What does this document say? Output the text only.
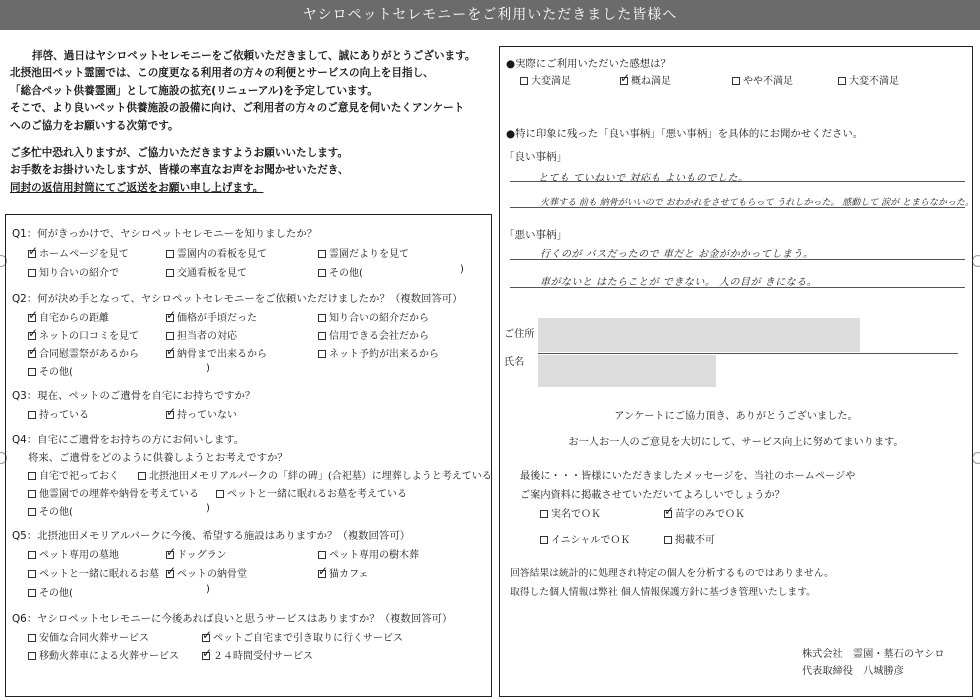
ヤシロペットセレモニーをご利用いただきました皆様へ

拝啓、過日はヤシロペットセレモニーをご依頼いただきまして、誠にありがとうございます。
北摂池田ペット霊園では、この度更なる利用者の方々の利便とサービスの向上を目指し、
「総合ペット供養霊園」として施設の拡充(リニューアル)を予定しています。
そこで、より良いペット供養施設の設備に向け、ご利用者の方々のご意見を伺いたくアンケート
へのご協力をお願いする次第です。

ご多忙中恐れ入りますが、ご協力いただきますようお願いいたします。
お手数をお掛けいたしますが、皆様の率直なお声をお聞かせいただき、
同封の返信用封筒にてご返送をお願い申し上げます。

Q1：何がきっかけで、ヤシロペットセレモニーを知りましたか？
✓ホームページを見て	霊園内の看板を見て	霊園だよりを見て
知り合いの紹介で	交通看板を見て	その他(	)
Q2：何が決め手となって、ヤシロペットセレモニーをご依頼いただけましたか？（複数回答可）
✓自宅からの距離 ✓	価格が手頃だった	知り合いの紹介だから
✓ネットの口コミを見て	担当者の対応	信用できる会社だから
✓合同慰霊祭があるから ✓	納骨まで出来るから	ネット予約が出来るから
その他(	)
Q3：現在、ペットのご遺骨を自宅にお持ちですか？
持っている ✓	持っていない
Q4：自宅にご遺骨をお持ちの方にお伺いします。
将来、ご遺骨をどのように供養しようとお考えですか？
自宅で祀っておく	北摂池田メモリアルパークの「絆の碑」(合祀墓）に埋葬しようと考えている
他霊園での埋葬や納骨を考えている	ペットと一緒に眠れるお墓を考えている
その他(	)
Q5：北摂池田メモリアルパークに今後、希望する施設はありますか？（複数回答可）
ペット専用の墓地 ✓	ドッグラン	ペット専用の樹木葬
ペットと一緒に眠れるお墓 ✓	ペットの納骨堂 ✓	猫カフェ
その他(	)
Q6：ヤシロペットセレモニーに今後あれば良いと思うサービスはありますか？（複数回答可）
安価な合同火葬サービス ✓	ペットご自宅まで引き取りに行くサービス
移動火葬車による火葬サービス ✓	２４時間受付サービス
●実際にご利用いただいた感想は？
大変満足 ✓	概ね満足	やや不満足	大変不満足
●特に印象に残った「良い事柄」「悪い事柄」を具体的にお聞かせください。
「良い事柄」
とても ていねいで 対応も よいものでした。
火葬する 前も 納骨がいいので おわかれをさせてもらって うれしかった。 感動して 涙が とまらなかった。
「悪い事柄」
行くのが バスだったので 車だと お金がかかってしまう。
車がないと はたらことが できない。 人の目が きになる。
ご住所
氏名
アンケートにご協力頂き、ありがとうございました。
お一人お一人のご意見を大切にして、サービス向上に努めてまいります。
最後に・・・皆様にいただきましたメッセージを、当社のホームページや
ご案内資料に掲載させていただいてよろしいでしょうか？
実名でＯＫ ✓	苗字のみでＯＫ
イニシャルでＯＫ	掲載不可
回答結果は統計的に処理され特定の個人を分析するものではありません。
取得した個人情報は弊社 個人情報保護方針に基づき管理いたします。
株式会社　霊園・墓石のヤシロ
代表取締役　八城勝彦
